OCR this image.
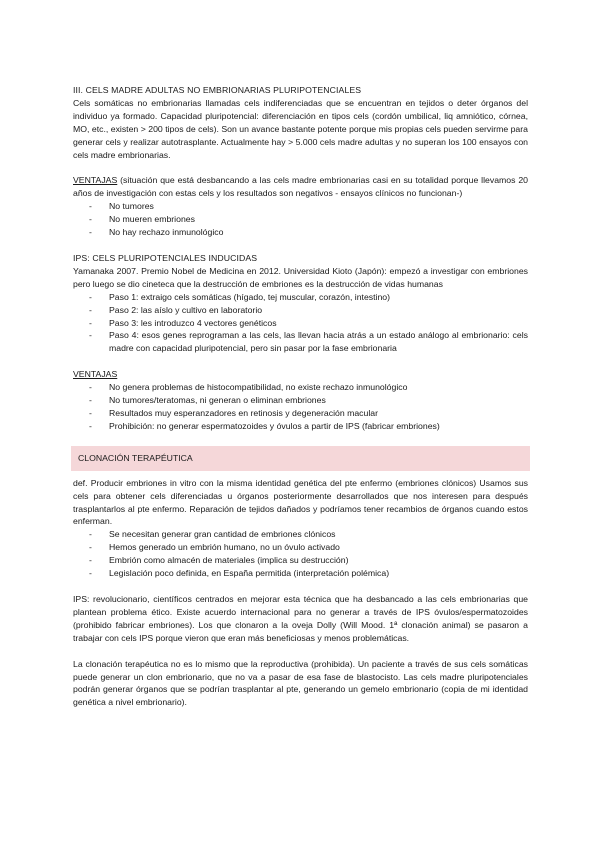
III. CELS MADRE ADULTAS NO EMBRIONARIAS PLURIPOTENCIALES

Cels somáticas no embrionarias llamadas cels indiferenciadas que se encuentran en tejidos o deter órganos del individuo ya formado. Capacidad pluripotencial: diferenciación en tipos cels (cordón umbilical, liq amniótico, córnea, MO, etc., existen > 200 tipos de cels). Son un avance bastante potente porque mis propias cels pueden servirme para generar cels y realizar autotrasplante. Actualmente hay > 5.000 cels madre adultas y no superan los 100 ensayos con cels madre embrionarias.

VENTAJAS (situación que está desbancando a las cels madre embrionarias casi en su totalidad porque llevamos 20 años de investigación con estas cels y los resultados son negativos - ensayos clínicos no funcionan-)

- No tumores
- No mueren embriones
- No hay rechazo inmunológico
IPS: CELS PLURIPOTENCIALES INDUCIDAS

Yamanaka 2007. Premio Nobel de Medicina en 2012. Universidad Kioto (Japón): empezó a investigar con embriones pero luego se dio cineteca que la destrucción de embriones es la destrucción de vidas humanas

- Paso 1: extraigo cels somáticas (hígado, tej muscular, corazón, intestino)
- Paso 2: las aíslo y cultivo en laboratorio
- Paso 3: les introduzco 4 vectores genéticos
- Paso 4: esos genes reprograman a las cels, las llevan hacia atrás a un estado análogo al embrionario: cels madre con capacidad pluripotencial, pero sin pasar por la fase embrionaria
VENTAJAS
- No genera problemas de histocompatibilidad, no existe rechazo inmunológico
- No tumores/teratomas, ni generan o eliminan embriones
- Resultados muy esperanzadores en retinosis y degeneración macular
- Prohibición: no generar espermatozoides y óvulos a partir de IPS (fabricar embriones)
CLONACIÓN TERAPÉUTICA

def. Producir embriones in vitro con la misma identidad genética del pte enfermo (embriones clónicos) Usamos sus cels para obtener cels diferenciadas u órganos posteriormente desarrollados que nos interesen para después trasplantarlos al pte enfermo. Reparación de tejidos dañados y podríamos tener recambios de órganos cuando estos enferman.

- Se necesitan generar gran cantidad de embriones clónicos
- Hemos generado un embrión humano, no un óvulo activado
- Embrión como almacén de materiales (implica su destrucción)
- Legislación poco definida, en España permitida (interpretación polémica)

IPS: revolucionario, científicos centrados en mejorar esta técnica que ha desbancado a las cels embrionarias que plantean problema ético. Existe acuerdo internacional para no generar a través de IPS óvulos/espermatozoides (prohibido fabricar embriones). Los que clonaron a la oveja Dolly (Will Mood. 1ª clonación animal) se pasaron a trabajar con cels IPS porque vieron que eran más beneficiosas y menos problemáticas.

La clonación terapéutica no es lo mismo que la reproductiva (prohibida). Un paciente a través de sus cels somáticas puede generar un clon embrionario, que no va a pasar de esa fase de blastocisto. Las cels madre pluripotenciales podrán generar órganos que se podrían trasplantar al pte, generando un gemelo embrionario (copia de mi identidad genética a nivel embrionario).
